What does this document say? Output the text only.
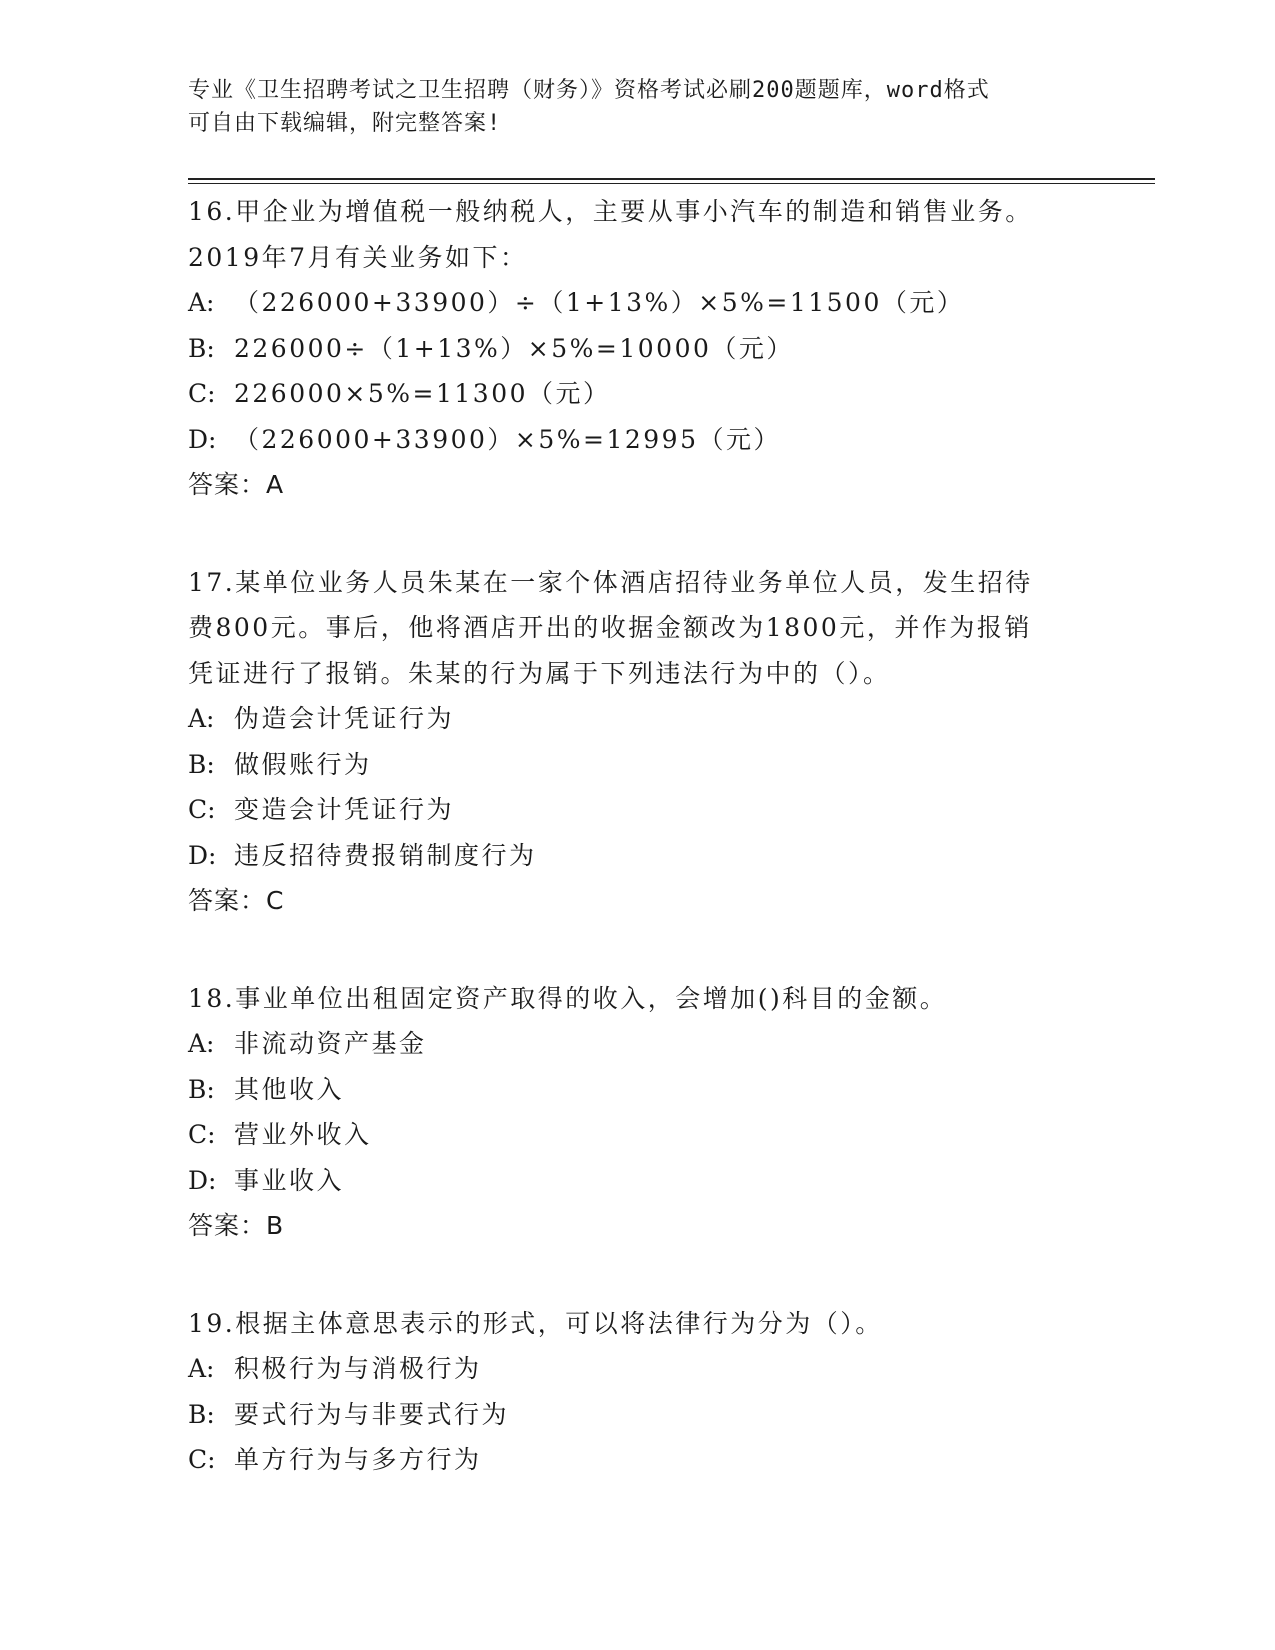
专业《卫生招聘考试之卫生招聘（财务）》资格考试必刷200题题库，word格式
可自由下载编辑，附完整答案!
16.甲企业为增值税一般纳税人，主要从事小汽车的制造和销售业务。
2019年7月有关业务如下：
A: （226000+33900）÷（1+13%）×5%=11500（元）
B: 226000÷（1+13%）×5%=10000（元）
C: 226000×5%=11300（元）
D: （226000+33900）×5%=12995（元）
答案：A
17.某单位业务人员朱某在一家个体酒店招待业务单位人员，发生招待
费800元。事后，他将酒店开出的收据金额改为1800元，并作为报销
凭证进行了报销。朱某的行为属于下列违法行为中的（）。
A: 伪造会计凭证行为
B: 做假账行为
C: 变造会计凭证行为
D: 违反招待费报销制度行为
答案：C
18.事业单位出租固定资产取得的收入，会增加()科目的金额。
A: 非流动资产基金
B: 其他收入
C: 营业外收入
D: 事业收入
答案：B
19.根据主体意思表示的形式，可以将法律行为分为（）。
A: 积极行为与消极行为
B: 要式行为与非要式行为
C: 单方行为与多方行为
